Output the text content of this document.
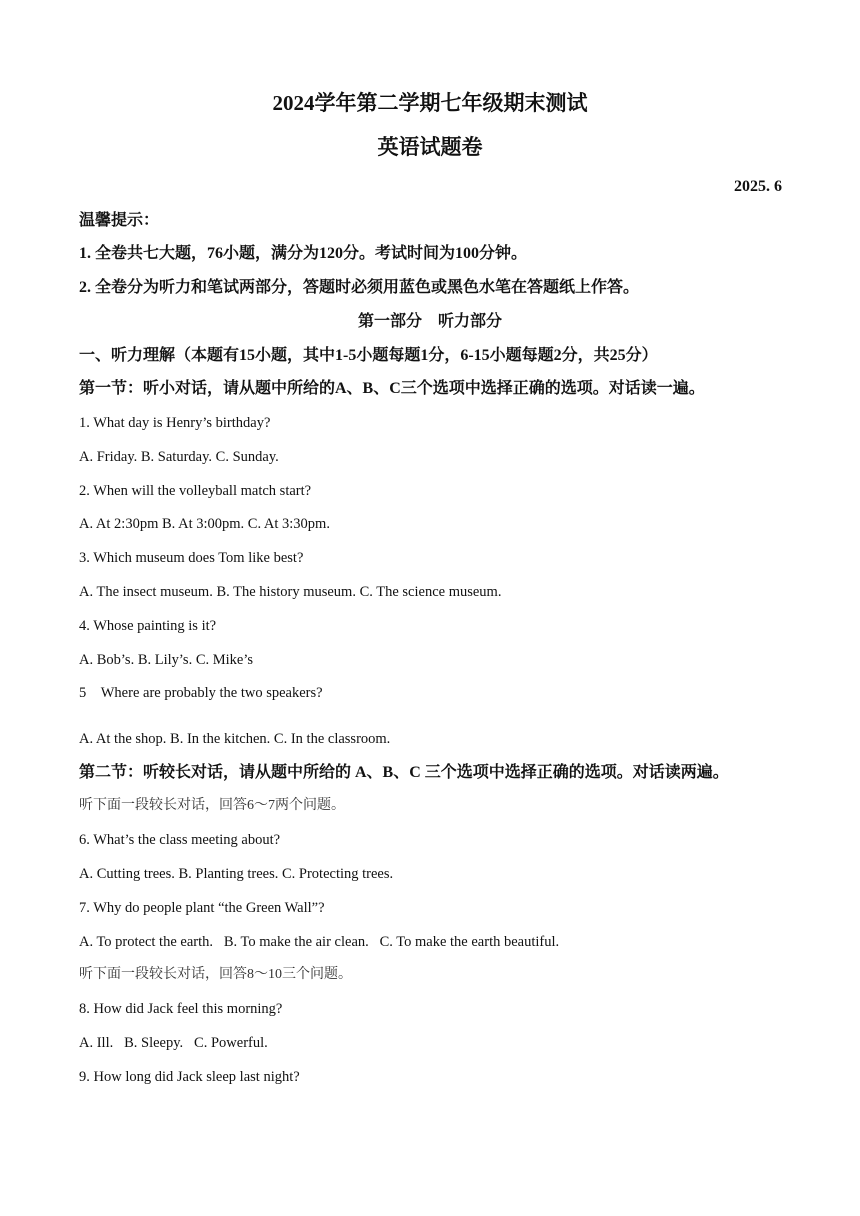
2024学年第二学期七年级期末测试
英语试题卷
2025. 6
温馨提示：
1. 全卷共七大题，76小题，满分为120分。考试时间为100分钟。
2. 全卷分为听力和笔试两部分，答题时必须用蓝色或黑色水笔在答题纸上作答。
第一部分　听力部分
一、听力理解（本题有15小题，其中1-5小题每题1分，6-15小题每题2分，共25分）
第一节：听小对话，请从题中所给的A、B、C三个选项中选择正确的选项。对话读一遍。
1. What day is Henry’s birthday?
A. Friday. B. Saturday. C. Sunday.
2. When will the volleyball match start?
A. At 2:30pm B. At 3:00pm. C. At 3:30pm.
3. Which museum does Tom like best?
A. The insect museum. B. The history museum. C. The science museum.
4. Whose painting is it?
A. Bob’s. B. Lily’s. C. Mike’s
5　Where are probably the two speakers?
A. At the shop. B. In the kitchen. C. In the classroom.
第二节：听较长对话，请从题中所给的 A、B、C 三个选项中选择正确的选项。对话读两遍。
听下面一段较长对话，回答6～7两个问题。
6. What’s the class meeting about?
A. Cutting trees. B. Planting trees. C. Protecting trees.
7. Why do people plant “the Green Wall”?
A. To protect the earth.   B. To make the air clean.   C. To make the earth beautiful.
听下面一段较长对话，回答8～10三个问题。
8. How did Jack feel this morning?
A. Ill.   B. Sleepy.   C. Powerful.
9. How long did Jack sleep last night?
